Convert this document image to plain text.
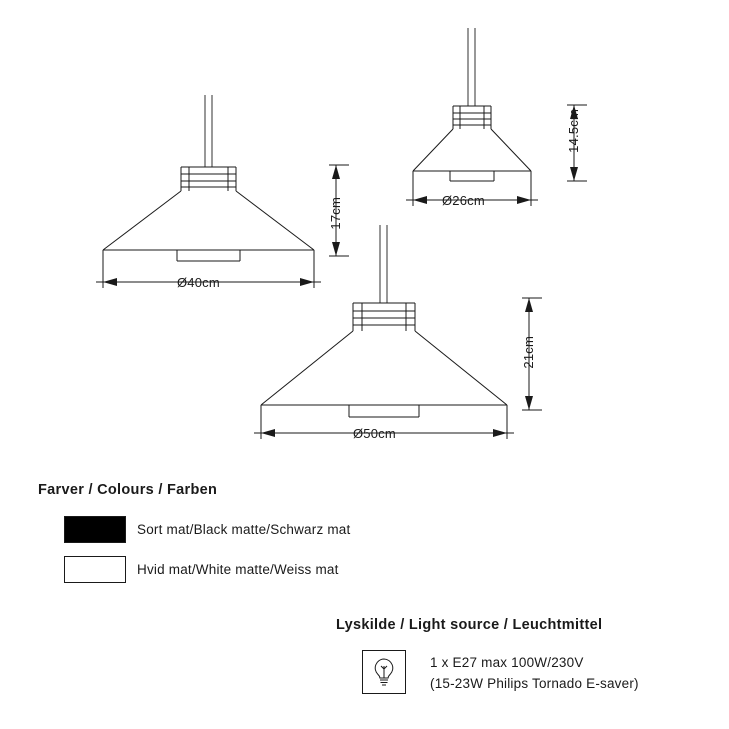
Ø40cm
17cm	Ø26cm
14.5cm
Ø50cm
21cm
Farver / Colours / Farben
Sort mat/Black matte/Schwarz mat
Hvid mat/White matte/Weiss mat
Lyskilde / Light source / Leuchtmittel
1 x E27 max 100W/230V
(15-23W Philips Tornado E-saver)
